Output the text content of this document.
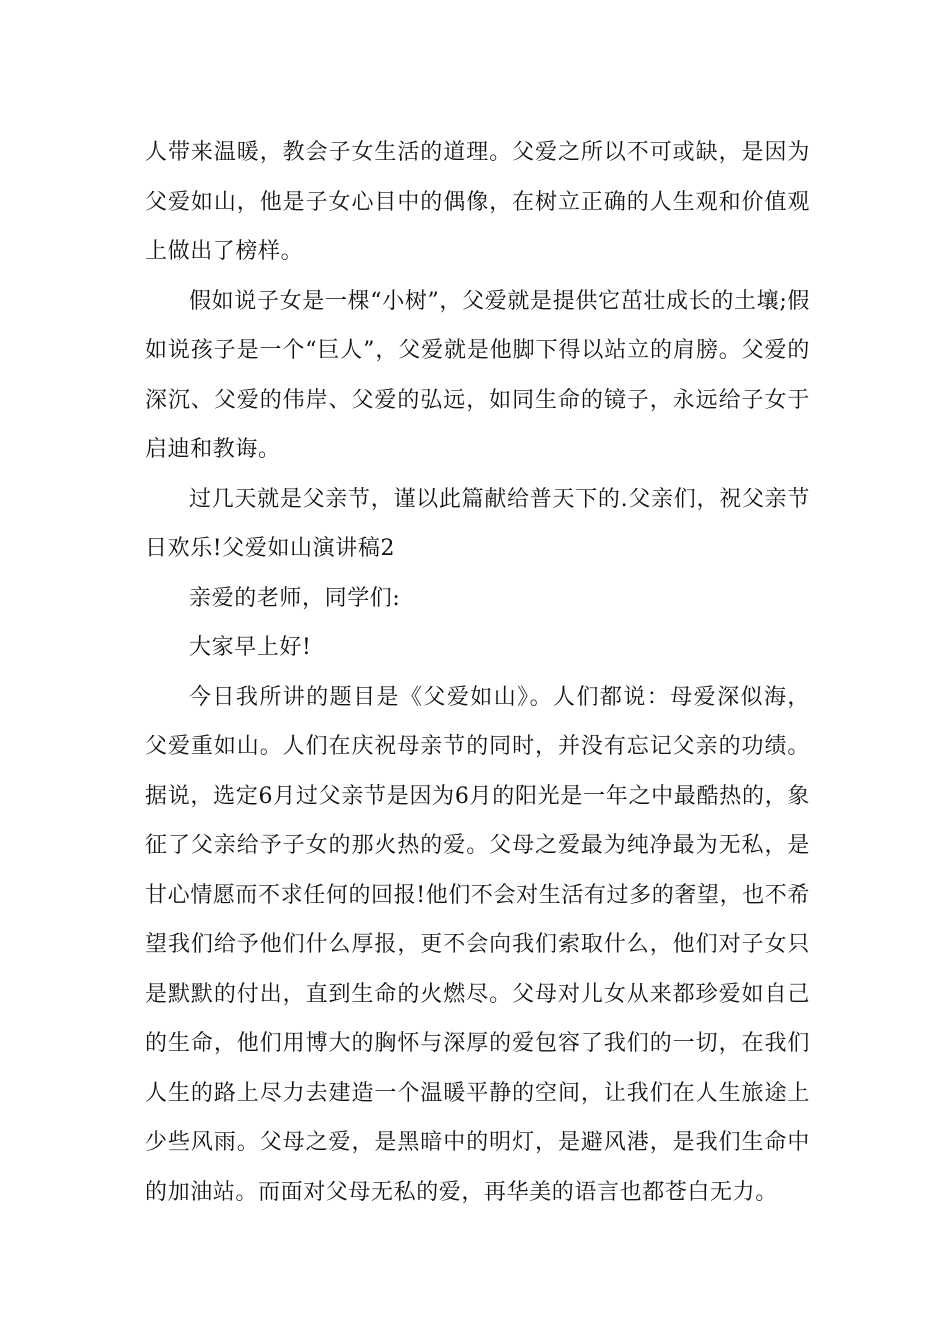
人带来温暖，教会子女生活的道理。父爱之所以不可或缺，是因为父爱如山，他是子女心目中的偶像，在树立正确的人生观和价值观上做出了榜样。

假如说子女是一棵“小树”，父爱就是提供它茁壮成长的土壤;假如说孩子是一个“巨人”，父爱就是他脚下得以站立的肩膀。父爱的深沉、父爱的伟岸、父爱的弘远，如同生命的镜子，永远给子女于启迪和教诲。

过几天就是父亲节，谨以此篇献给普天下的.父亲们，祝父亲节日欢乐!父爱如山演讲稿2

亲爱的老师，同学们:

大家早上好!

今日我所讲的题目是《父爱如山》。人们都说：母爱深似海，父爱重如山。人们在庆祝母亲节的同时，并没有忘记父亲的功绩。据说，选定6月过父亲节是因为6月的阳光是一年之中最酷热的，象征了父亲给予子女的那火热的爱。父母之爱最为纯净最为无私，是甘心情愿而不求任何的回报!他们不会对生活有过多的奢望，也不希望我们给予他们什么厚报，更不会向我们索取什么，他们对子女只是默默的付出，直到生命的火燃尽。父母对儿女从来都珍爱如自己的生命，他们用博大的胸怀与深厚的爱包容了我们的一切，在我们人生的路上尽力去建造一个温暖平静的空间，让我们在人生旅途上少些风雨。父母之爱，是黑暗中的明灯，是避风港，是我们生命中的加油站。而面对父母无私的爱，再华美的语言也都苍白无力。
